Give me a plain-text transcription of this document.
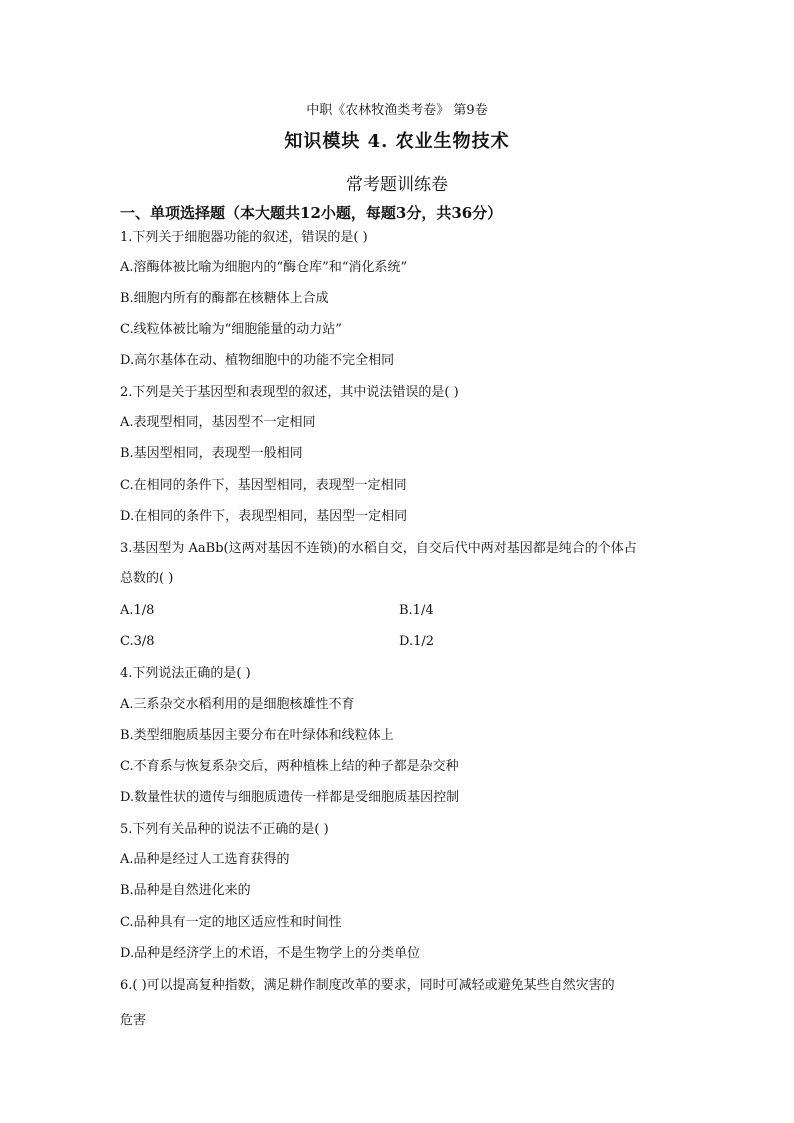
中职《农林牧渔类考卷》 第9卷
知识模块 4. 农业生物技术
常考题训练卷
一、单项选择题（本大题共12小题，每题3分，共36分）
1.下列关于细胞器功能的叙述，错误的是( )
A.溶酶体被比喻为细胞内的“酶仓库”和“消化系统”
B.细胞内所有的酶都在核糖体上合成
C.线粒体被比喻为“细胞能量的动力站”
D.高尔基体在动、植物细胞中的功能不完全相同
2.下列是关于基因型和表现型的叙述，其中说法错误的是( )
A.表现型相同，基因型不一定相同
B.基因型相同，表现型一般相同
C.在相同的条件下，基因型相同，表现型一定相同
D.在相同的条件下，表现型相同，基因型一定相同
3.基因型为 AaBb(这两对基因不连锁)的水稻自交，自交后代中两对基因都是纯合的个体占
总数的( )
A.1/8	B.1/4
C.3/8	D.1/2
4.下列说法正确的是( )
A.三系杂交水稻利用的是细胞核雄性不育
B.类型细胞质基因主要分布在叶绿体和线粒体上
C.不育系与恢复系杂交后，两种植株上结的种子都是杂交种
D.数量性状的遗传与细胞质遗传一样都是受细胞质基因控制
5.下列有关品种的说法不正确的是( )
A.品种是经过人工选育获得的
B.品种是自然进化来的
C.品种具有一定的地区适应性和时间性
D.品种是经济学上的术语，不是生物学上的分类单位
6.( )可以提高复种指数，满足耕作制度改革的要求，同时可减轻或避免某些自然灾害的
危害
